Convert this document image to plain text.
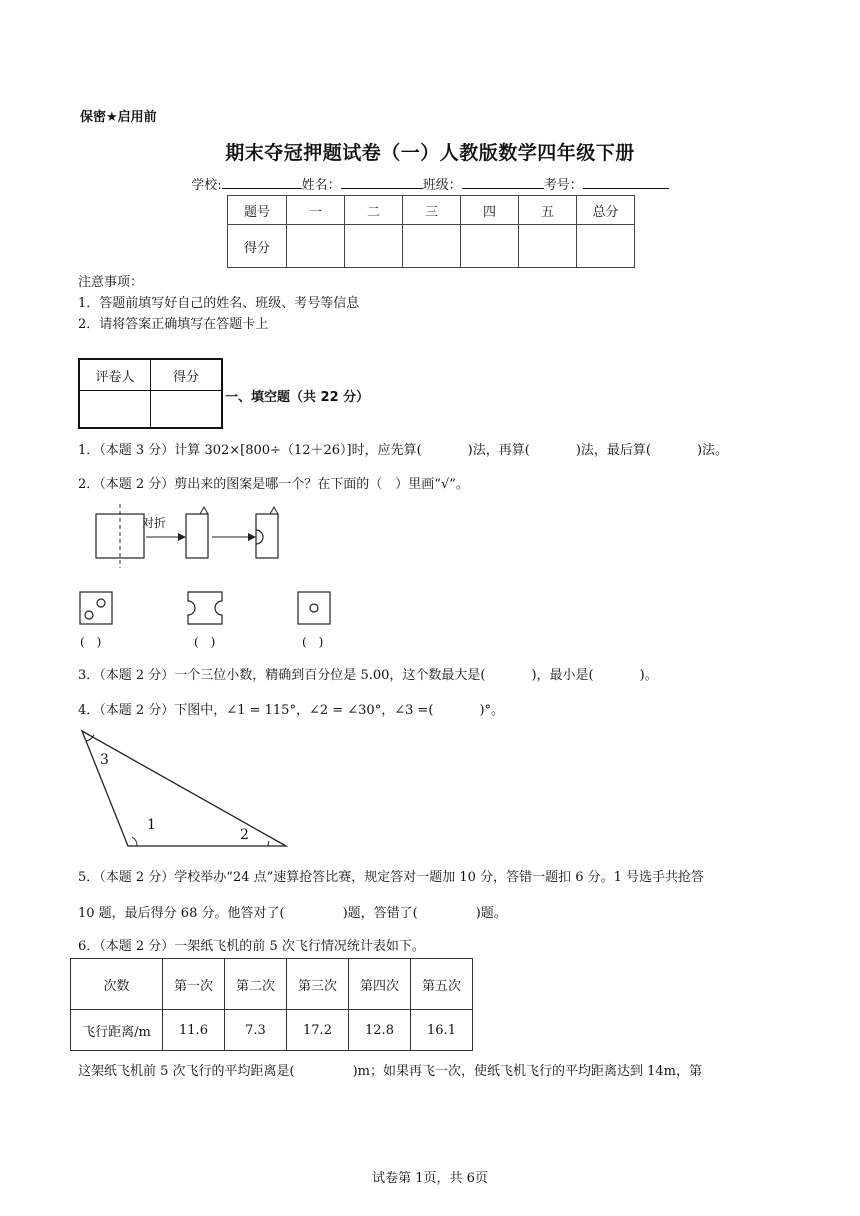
保密★启用前
期末夺冠押题试卷（一）人教版数学四年级下册
学校:	姓名：	班级：	考号：
题号	一	二	三	四	五	总分
得分						
注意事项：
1．答题前填写好自己的姓名、班级、考号等信息
2．请将答案正确填写在答题卡上
评卷人	得分

一、填空题（共 22 分）
1．（本题 3 分）计算 302×[800÷（12＋26）]时，应先算(	)法，再算(	)法，最后算(	)法。
2．（本题 2 分）剪出来的图案是哪一个？在下面的（　）里画“√”。
对折
(　)	(　)	(　)
3．（本题 2 分）一个三位小数，精确到百分位是 5.00，这个数最大是(	)，最小是(	)。
4．（本题 2 分）下图中，∠1 = 115°，∠2 = ∠30°，∠3 =(	)°。
3
1
2
5．（本题 2 分）学校举办“24 点”速算抢答比赛，规定答对一题加 10 分，答错一题扣 6 分。1 号选手共抢答
10 题，最后得分 68 分。他答对了(	)题，答错了(	)题。
6．（本题 2 分）一架纸飞机的前 5 次飞行情况统计表如下。
次数	第一次	第二次	第三次	第四次	第五次
飞行距离/m	11.6	7.3	17.2	12.8	16.1
这架纸飞机前 5 次飞行的平均距离是(	)m；如果再飞一次，使纸飞机飞行的平均距离达到 14m，第
试卷第 1页，共 6页
